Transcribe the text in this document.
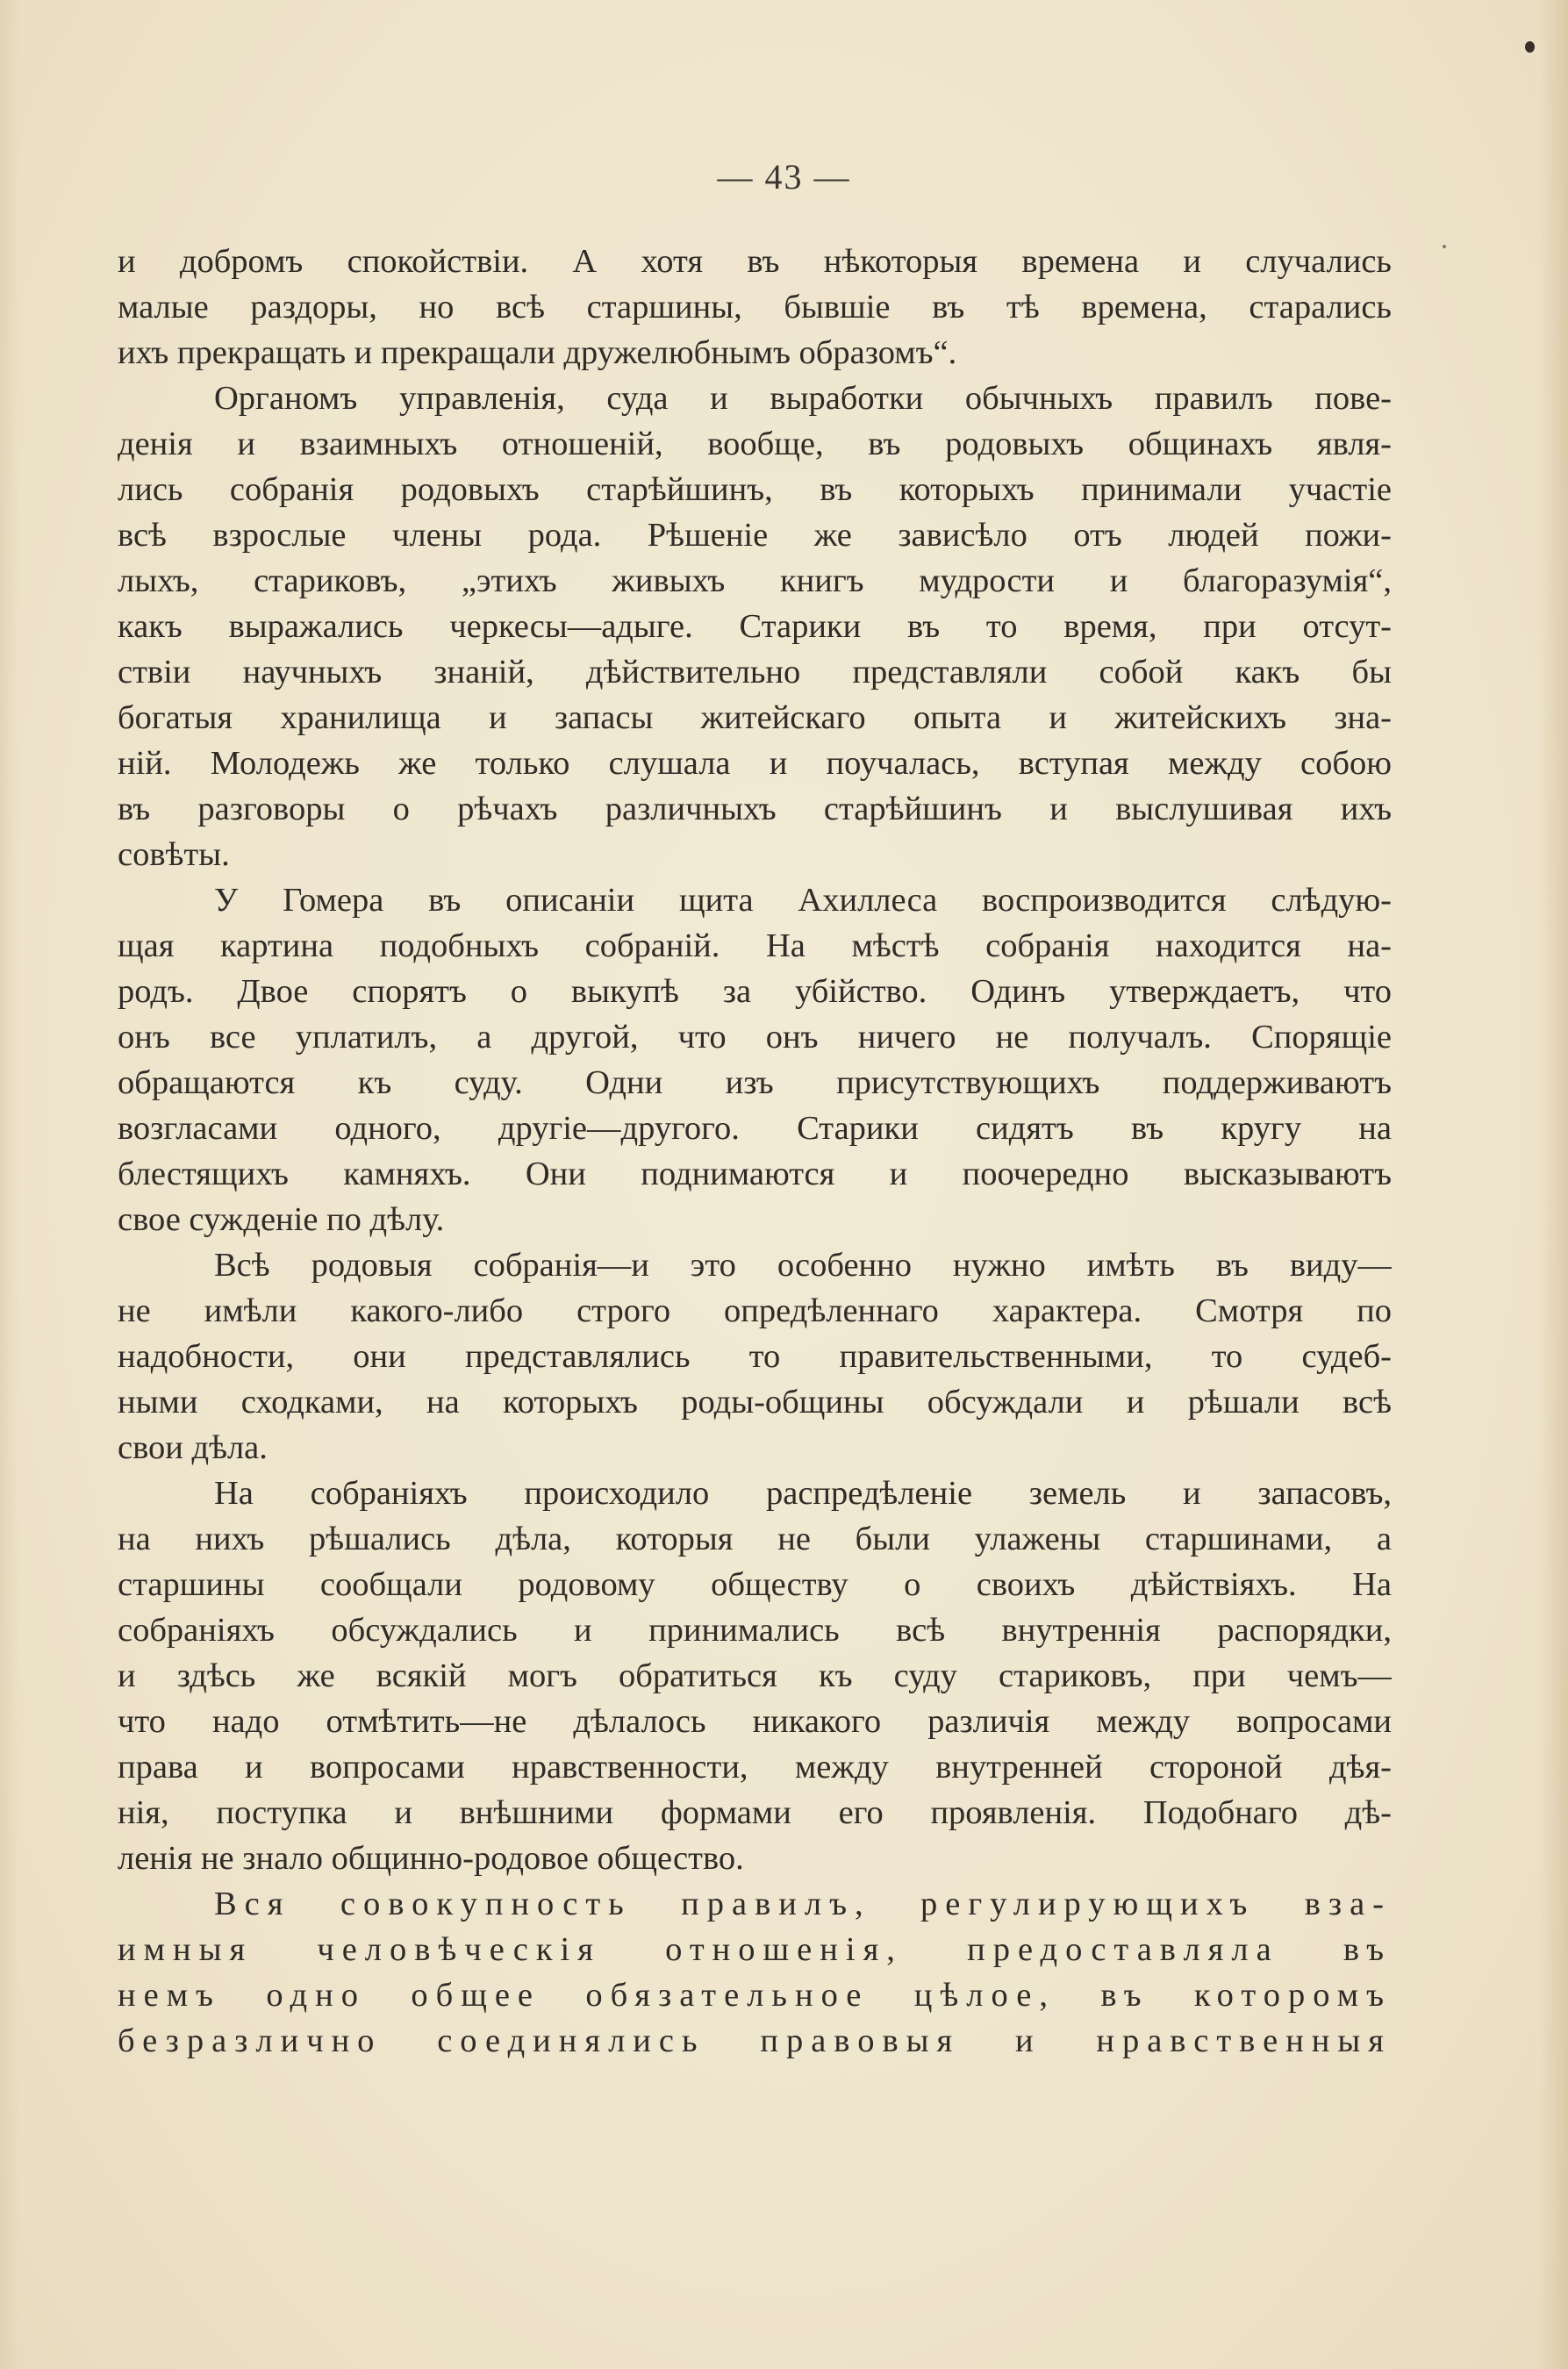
— 43 —
и добромъ спокойствіи. А хотя въ нѣкоторыя времена и случались
малые раздоры, но всѣ старшины, бывшіе въ тѣ времена, старались
ихъ прекращать и прекращали дружелюбнымъ образомъ“.
Органомъ управленія, суда и выработки обычныхъ правилъ пове-
денія и взаимныхъ отношеній, вообще, въ родовыхъ общинахъ явля-
лись собранія родовыхъ старѣйшинъ, въ которыхъ принимали участіе
всѣ взрослые члены рода. Рѣшеніе же зависѣло отъ людей пожи-
лыхъ, стариковъ, „этихъ живыхъ книгъ мудрости и благоразумія“,
какъ выражались черкесы—адыге. Старики въ то время, при отсут-
ствіи научныхъ знаній, дѣйствительно представляли собой какъ бы
богатыя хранилища и запасы житейскаго опыта и житейскихъ зна-
ній. Молодежь же только слушала и поучалась, вступая между собою
въ разговоры о рѣчахъ различныхъ старѣйшинъ и выслушивая ихъ
совѣты.
У Гомера въ описаніи щита Ахиллеса воспроизводится слѣдую-
щая картина подобныхъ собраній. На мѣстѣ собранія находится на-
родъ. Двое спорятъ о выкупѣ за убійство. Одинъ утверждаетъ, что
онъ все уплатилъ, а другой, что онъ ничего не получалъ. Спорящіе
обращаются къ суду. Одни изъ присутствующихъ поддерживаютъ
возгласами одного, другіе—другого. Старики сидятъ въ кругу на
блестящихъ камняхъ. Они поднимаются и поочередно высказываютъ
свое сужденіе по дѣлу.
Всѣ родовыя собранія—и это особенно нужно имѣть въ виду—
не имѣли какого-либо строго опредѣленнаго характера. Смотря по
надобности, они представлялись то правительственными, то судеб-
ными сходками, на которыхъ роды-общины обсуждали и рѣшали всѣ
свои дѣла.
На собраніяхъ происходило распредѣленіе земель и запасовъ,
на нихъ рѣшались дѣла, которыя не были улажены старшинами, а
старшины сообщали родовому обществу о своихъ дѣйствіяхъ. На
собраніяхъ обсуждались и принимались всѣ внутреннія распорядки,
и здѣсь же всякій могъ обратиться къ суду стариковъ, при чемъ—
что надо отмѣтить—не дѣлалось никакого различія между вопросами
права и вопросами нравственности, между внутренней стороной дѣя-
нія, поступка и внѣшними формами его проявленія. Подобнаго дѣ-
ленія не знало общинно-родовое общество.
Вся совокупность правилъ, регулирующихъ вза-
имныя человѣческія отношенія, предоставляла въ
немъ одно общее обязательное цѣлое, въ которомъ
безразлично соединялись правовыя и нравственныя
